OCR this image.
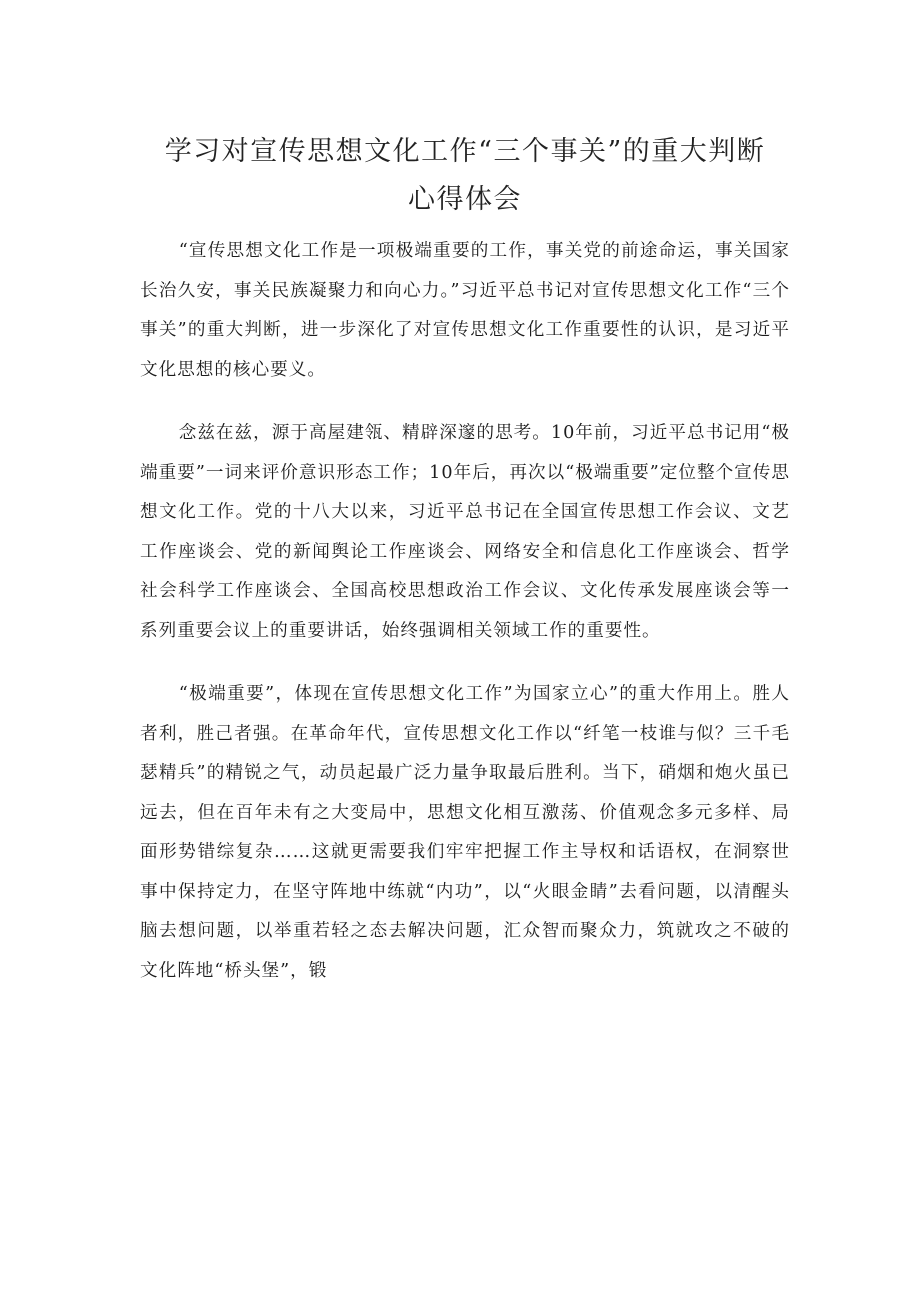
学习对宣传思想文化工作“三个事关”的重大判断
心得体会

“宣传思想文化工作是一项极端重要的工作，事关党的前途命运，事关国家长治久安，事关民族凝聚力和向心力。”习近平总书记对宣传思想文化工作“三个事关”的重大判断，进一步深化了对宣传思想文化工作重要性的认识，是习近平文化思想的核心要义。

念兹在兹，源于高屋建瓴、精辟深邃的思考。10年前，习近平总书记用“极端重要”一词来评价意识形态工作；10年后，再次以“极端重要”定位整个宣传思想文化工作。党的十八大以来，习近平总书记在全国宣传思想工作会议、文艺工作座谈会、党的新闻舆论工作座谈会、网络安全和信息化工作座谈会、哲学社会科学工作座谈会、全国高校思想政治工作会议、文化传承发展座谈会等一系列重要会议上的重要讲话，始终强调相关领域工作的重要性。

“极端重要”，体现在宣传思想文化工作”为国家立心”的重大作用上。胜人者利，胜己者强。在革命年代，宣传思想文化工作以“纤笔一枝谁与似？三千毛瑟精兵”的精锐之气，动员起最广泛力量争取最后胜利。当下，硝烟和炮火虽已远去，但在百年未有之大变局中，思想文化相互激荡、价值观念多元多样、局面形势错综复杂……这就更需要我们牢牢把握工作主导权和话语权，在洞察世事中保持定力，在坚守阵地中练就“内功”，以“火眼金睛”去看问题，以清醒头脑去想问题，以举重若轻之态去解决问题，汇众智而聚众力，筑就攻之不破的文化阵地“桥头堡”，锻
